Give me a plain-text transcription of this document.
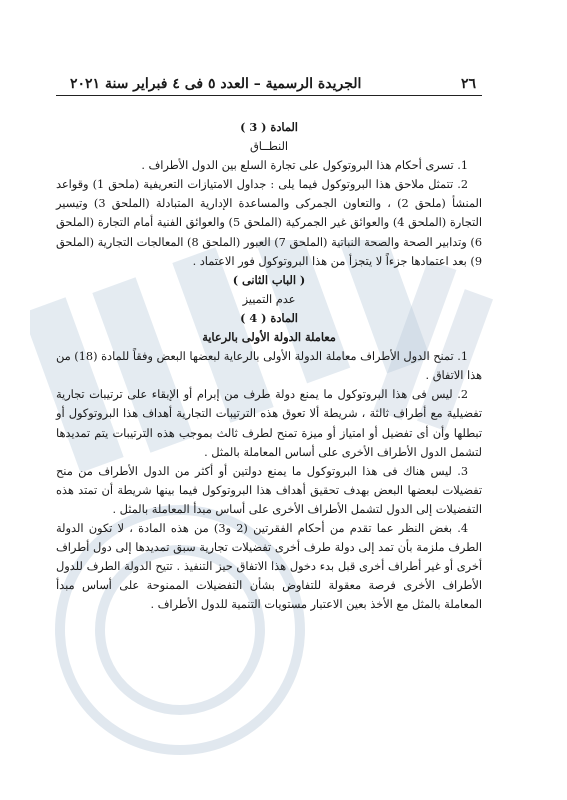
٢٦
الجريدة الرسمية – العدد ٥ فى ٤ فبراير سنة ٢٠٢١

المادة ( 3 )

النطــاق

1. تسرى أحكام هذا البروتوكول على تجارة السلع بين الدول الأطراف .

2. تتمثل ملاحق هذا البروتوكول فيما يلى : جداول الامتيازات التعريفية (ملحق 1) وقواعد المنشأ (ملحق 2) ، والتعاون الجمركى والمساعدة الإدارية المتبادلة (الملحق 3) وتيسير التجارة (الملحق 4) والعوائق غير الجمركية (الملحق 5) والعوائق الفنية أمام التجارة (الملحق 6) وتدابير الصحة والصحة النباتية (الملحق 7) العبور (الملحق 8) المعالجات التجارية (الملحق 9) بعد اعتمادها جزءاً لا يتجزأ من هذا البروتوكول فور الاعتماد .

( الباب الثانى )

عدم التمييز

المادة ( 4 )

معاملة الدولة الأولى بالرعاية

1. تمنح الدول الأطراف معاملة الدولة الأولى بالرعاية لبعضها البعض وفقاً للمادة (18) من هذا الاتفاق .

2. ليس فى هذا البروتوكول ما يمنع دولة طرف من إبرام أو الإبقاء على ترتيبات تجارية تفضيلية مع أطراف ثالثة ، شريطة ألا تعوق هذه الترتيبات التجارية أهداف هذا البروتوكول أو تبطلها وأن أى تفضيل أو امتياز أو ميزة تمنح لطرف ثالث بموجب هذه الترتيبات يتم تمديدها لتشمل الدول الأطراف الأخرى على أساس المعاملة بالمثل .

3. ليس هناك فى هذا البروتوكول ما يمنع دولتين أو أكثر من الدول الأطراف من منح تفضيلات لبعضها البعض بهدف تحقيق أهداف هذا البروتوكول فيما بينها شريطة أن تمتد هذه التفضيلات إلى الدول لتشمل الأطراف الأخرى على أساس مبدأ المعاملة بالمثل .

4. بغض النظر عما تقدم من أحكام الفقرتين (2 و3) من هذه المادة ، لا تكون الدولة الطرف ملزمة بأن تمد إلى دولة طرف أخرى تفضيلات تجارية سبق تمديدها إلى دول أطراف أخرى أو غير أطراف أخرى قبل بدء دخول هذا الاتفاق حيز التنفيذ . تتيح الدولة الطرف للدول الأطراف الأخرى فرصة معقولة للتفاوض بشأن التفضيلات الممنوحة على أساس مبدأ المعاملة بالمثل مع الأخذ بعين الاعتبار مستويات التنمية للدول الأطراف .
